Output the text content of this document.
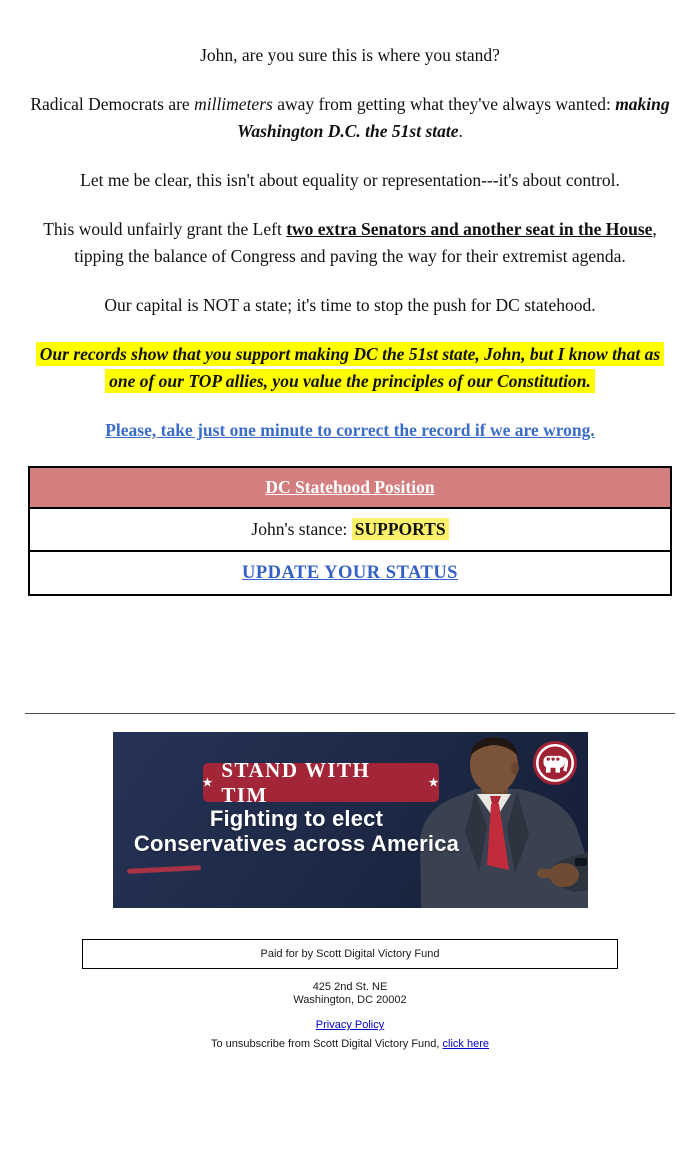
John, are you sure this is where you stand?

Radical Democrats are millimeters away from getting what they've always wanted: making Washington D.C. the 51st state.

Let me be clear, this isn't about equality or representation---it's about control.

This would unfairly grant the Left two extra Senators and another seat in the House, tipping the balance of Congress and paving the way for their extremist agenda.

Our capital is NOT a state; it's time to stop the push for DC statehood.

Our records show that you support making DC the 51st state, John, but I know that as one of our TOP allies, you value the principles of our Constitution.

Please, take just one minute to correct the record if we are wrong.

DC Statehood Position
John's stance: SUPPORTS
UPDATE YOUR STATUS
★
STAND WITH TIM	★
Fighting to elect
Conservatives across America
Paid for by Scott Digital Victory Fund
425 2nd St. NE
Washington, DC 20002
Privacy Policy
To unsubscribe from Scott Digital Victory Fund, click here
